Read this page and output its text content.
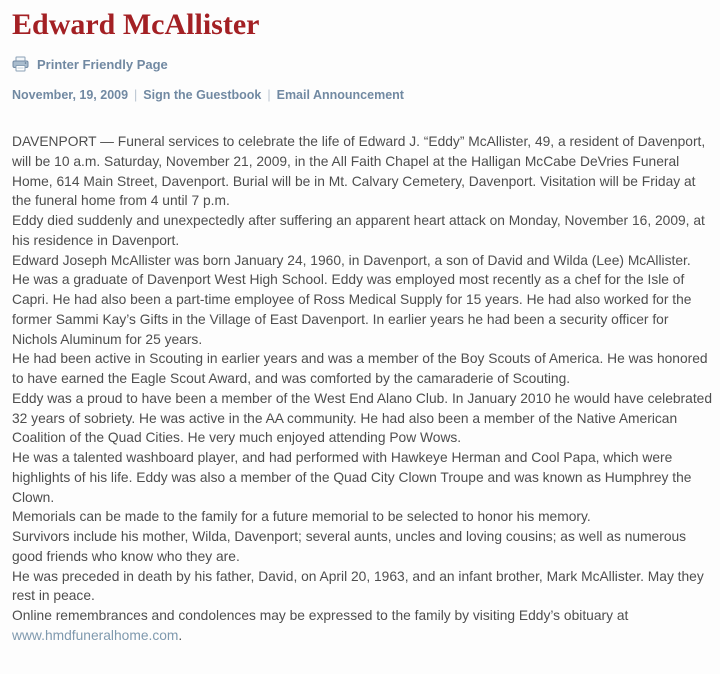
Edward McAllister
Printer Friendly Page
November, 19, 2009 | Sign the Guestbook | Email Announcement

DAVENPORT — Funeral services to celebrate the life of Edward J. “Eddy” McAllister, 49, a resident of Davenport, will be 10 a.m. Saturday, November 21, 2009, in the All Faith Chapel at the Halligan McCabe DeVries Funeral Home, 614 Main Street, Davenport. Burial will be in Mt. Calvary Cemetery, Davenport. Visitation will be Friday at the funeral home from 4 until 7 p.m.

Eddy died suddenly and unexpectedly after suffering an apparent heart attack on Monday, November 16, 2009, at his residence in Davenport.

Edward Joseph McAllister was born January 24, 1960, in Davenport, a son of David and Wilda (Lee) McAllister. He was a graduate of Davenport West High School. Eddy was employed most recently as a chef for the Isle of Capri. He had also been a part-time employee of Ross Medical Supply for 15 years. He had also worked for the former Sammi Kay’s Gifts in the Village of East Davenport. In earlier years he had been a security officer for Nichols Aluminum for 25 years.

He had been active in Scouting in earlier years and was a member of the Boy Scouts of America. He was honored to have earned the Eagle Scout Award, and was comforted by the camaraderie of Scouting.

Eddy was a proud to have been a member of the West End Alano Club. In January 2010 he would have celebrated 32 years of sobriety. He was active in the AA community. He had also been a member of the Native American Coalition of the Quad Cities. He very much enjoyed attending Pow Wows.

He was a talented washboard player, and had performed with Hawkeye Herman and Cool Papa, which were highlights of his life. Eddy was also a member of the Quad City Clown Troupe and was known as Humphrey the Clown.

Memorials can be made to the family for a future memorial to be selected to honor his memory.

Survivors include his mother, Wilda, Davenport; several aunts, uncles and loving cousins; as well as numerous good friends who know who they are.

He was preceded in death by his father, David, on April 20, 1963, and an infant brother, Mark McAllister. May they rest in peace.

Online remembrances and condolences may be expressed to the family by visiting Eddy’s obituary at www.hmdfuneralhome.com.
